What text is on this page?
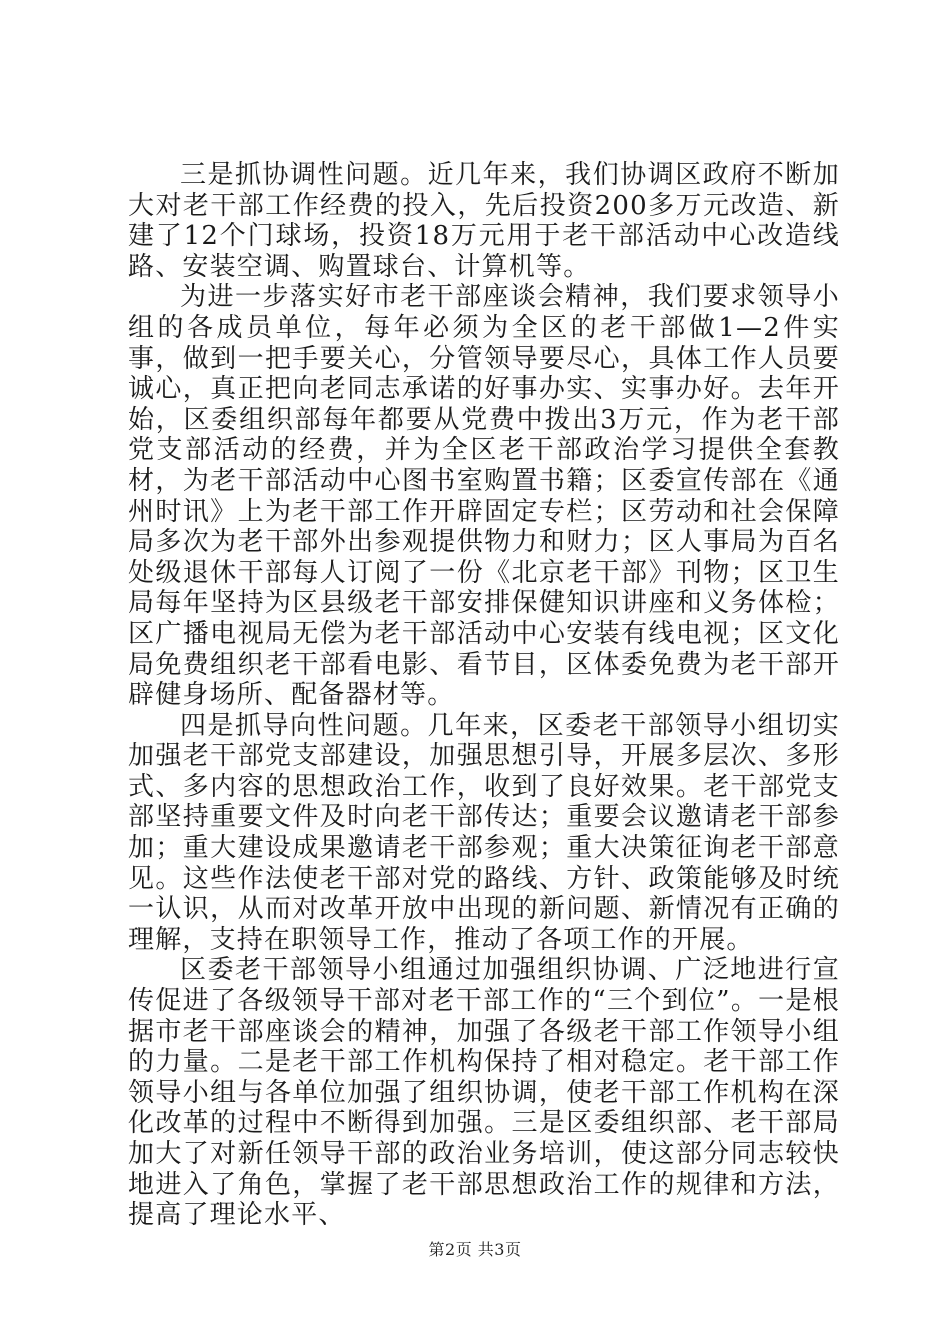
三是抓协调性问题。近几年来，我们协调区政府不断加大对老干部工作经费的投入，先后投资200多万元改造、新建了12个门球场，投资18万元用于老干部活动中心改造线路、安装空调、购置球台、计算机等。

为进一步落实好市老干部座谈会精神，我们要求领导小组的各成员单位，每年必须为全区的老干部做1—2件实事，做到一把手要关心，分管领导要尽心，具体工作人员要诚心，真正把向老同志承诺的好事办实、实事办好。去年开始，区委组织部每年都要从党费中拨出3万元，作为老干部党支部活动的经费，并为全区老干部政治学习提供全套教材，为老干部活动中心图书室购置书籍；区委宣传部在《通州时讯》上为老干部工作开辟固定专栏；区劳动和社会保障局多次为老干部外出参观提供物力和财力；区人事局为百名处级退休干部每人订阅了一份《北京老干部》刊物；区卫生局每年坚持为区县级老干部安排保健知识讲座和义务体检；区广播电视局无偿为老干部活动中心安装有线电视；区文化局免费组织老干部看电影、看节目，区体委免费为老干部开辟健身场所、配备器材等。

四是抓导向性问题。几年来，区委老干部领导小组切实加强老干部党支部建设，加强思想引导，开展多层次、多形式、多内容的思想政治工作，收到了良好效果。老干部党支部坚持重要文件及时向老干部传达；重要会议邀请老干部参加；重大建设成果邀请老干部参观；重大决策征询老干部意见。这些作法使老干部对党的路线、方针、政策能够及时统一认识，从而对改革开放中出现的新问题、新情况有正确的理解，支持在职领导工作，推动了各项工作的开展。

区委老干部领导小组通过加强组织协调、广泛地进行宣传促进了各级领导干部对老干部工作的“三个到位”。一是根据市老干部座谈会的精神，加强了各级老干部工作领导小组的力量。二是老干部工作机构保持了相对稳定。老干部工作领导小组与各单位加强了组织协调，使老干部工作机构在深化改革的过程中不断得到加强。三是区委组织部、老干部局加大了对新任领导干部的政治业务培训，使这部分同志较快地进入了角色，掌握了老干部思想政治工作的规律和方法，提高了理论水平、

第2页 共3页
